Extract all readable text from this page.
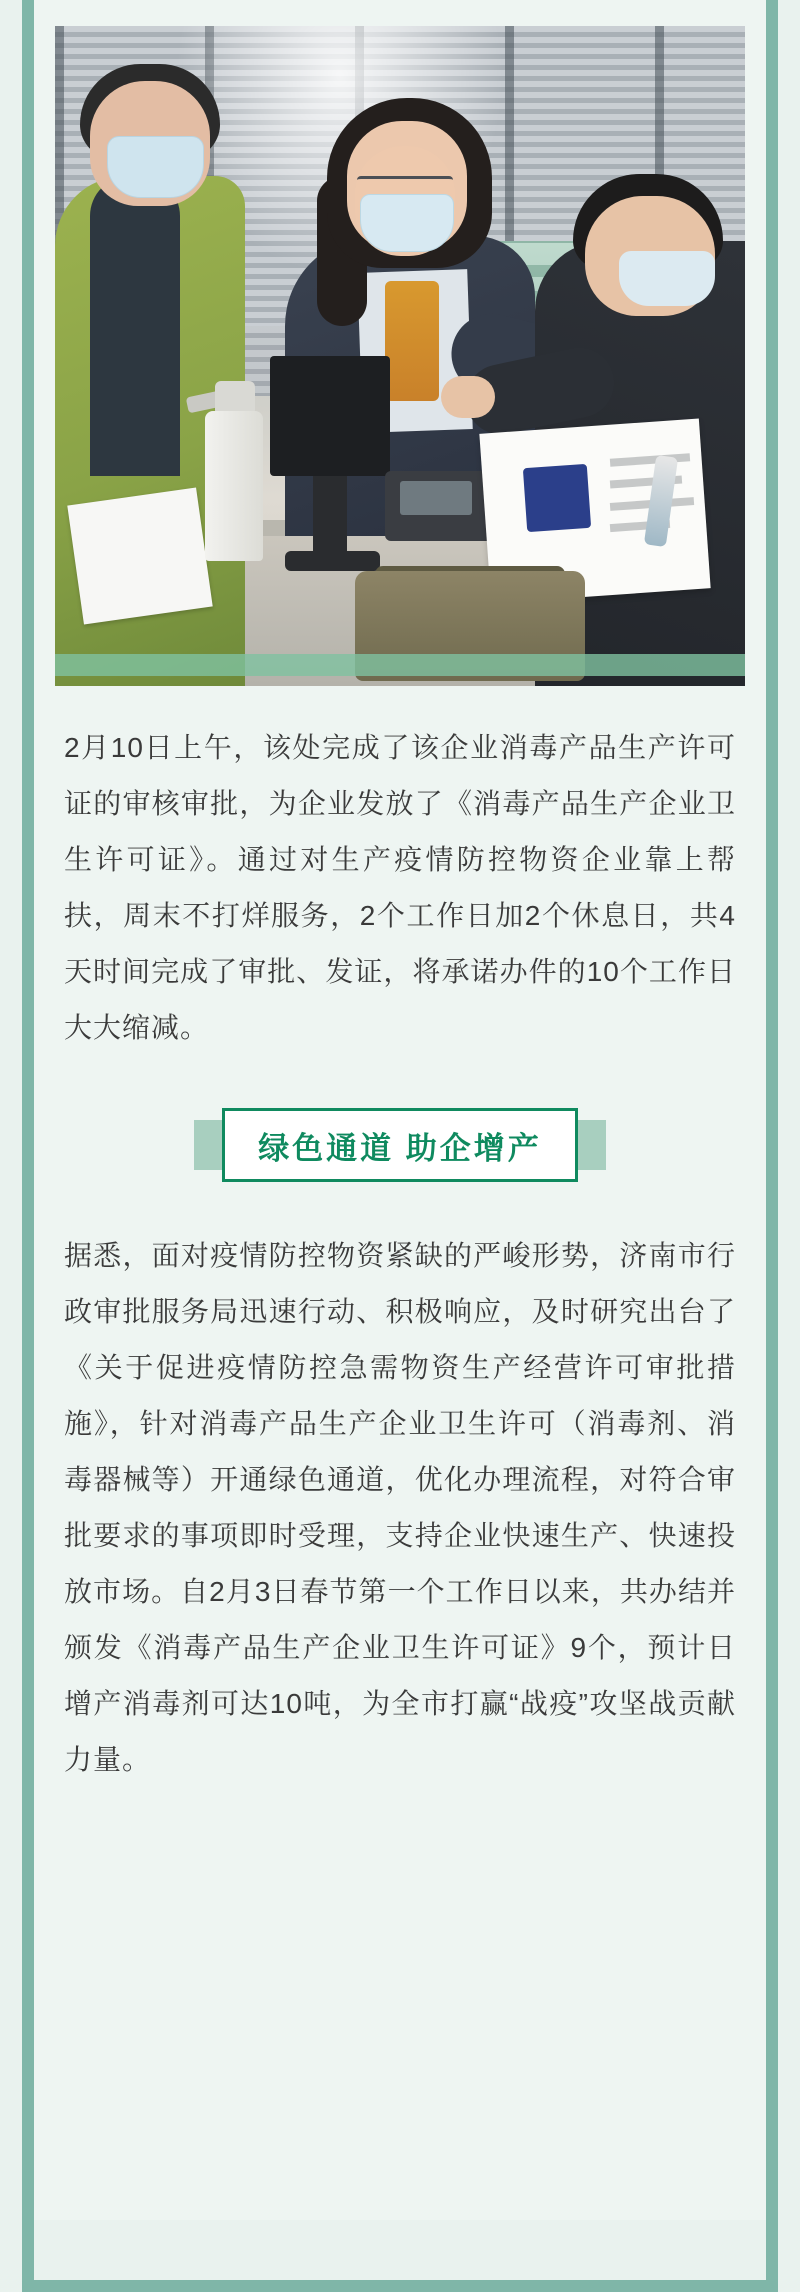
2月10日上午，该处完成了该企业消毒产品生产许可证的审核审批，为企业发放了《消毒产品生产企业卫生许可证》。通过对生产疫情防控物资企业靠上帮扶，周末不打烊服务，2个工作日加2个休息日，共4天时间完成了审批、发证，将承诺办件的10个工作日大大缩减。

绿色通道 助企增产

据悉，面对疫情防控物资紧缺的严峻形势，济南市行政审批服务局迅速行动、积极响应，及时研究出台了《关于促进疫情防控急需物资生产经营许可审批措施》，针对消毒产品生产企业卫生许可（消毒剂、消毒器械等）开通绿色通道，优化办理流程，对符合审批要求的事项即时受理，支持企业快速生产、快速投放市场。自2月3日春节第一个工作日以来，共办结并颁发《消毒产品生产企业卫生许可证》9个，预计日增产消毒剂可达10吨，为全市打赢“战疫”攻坚战贡献力量。
